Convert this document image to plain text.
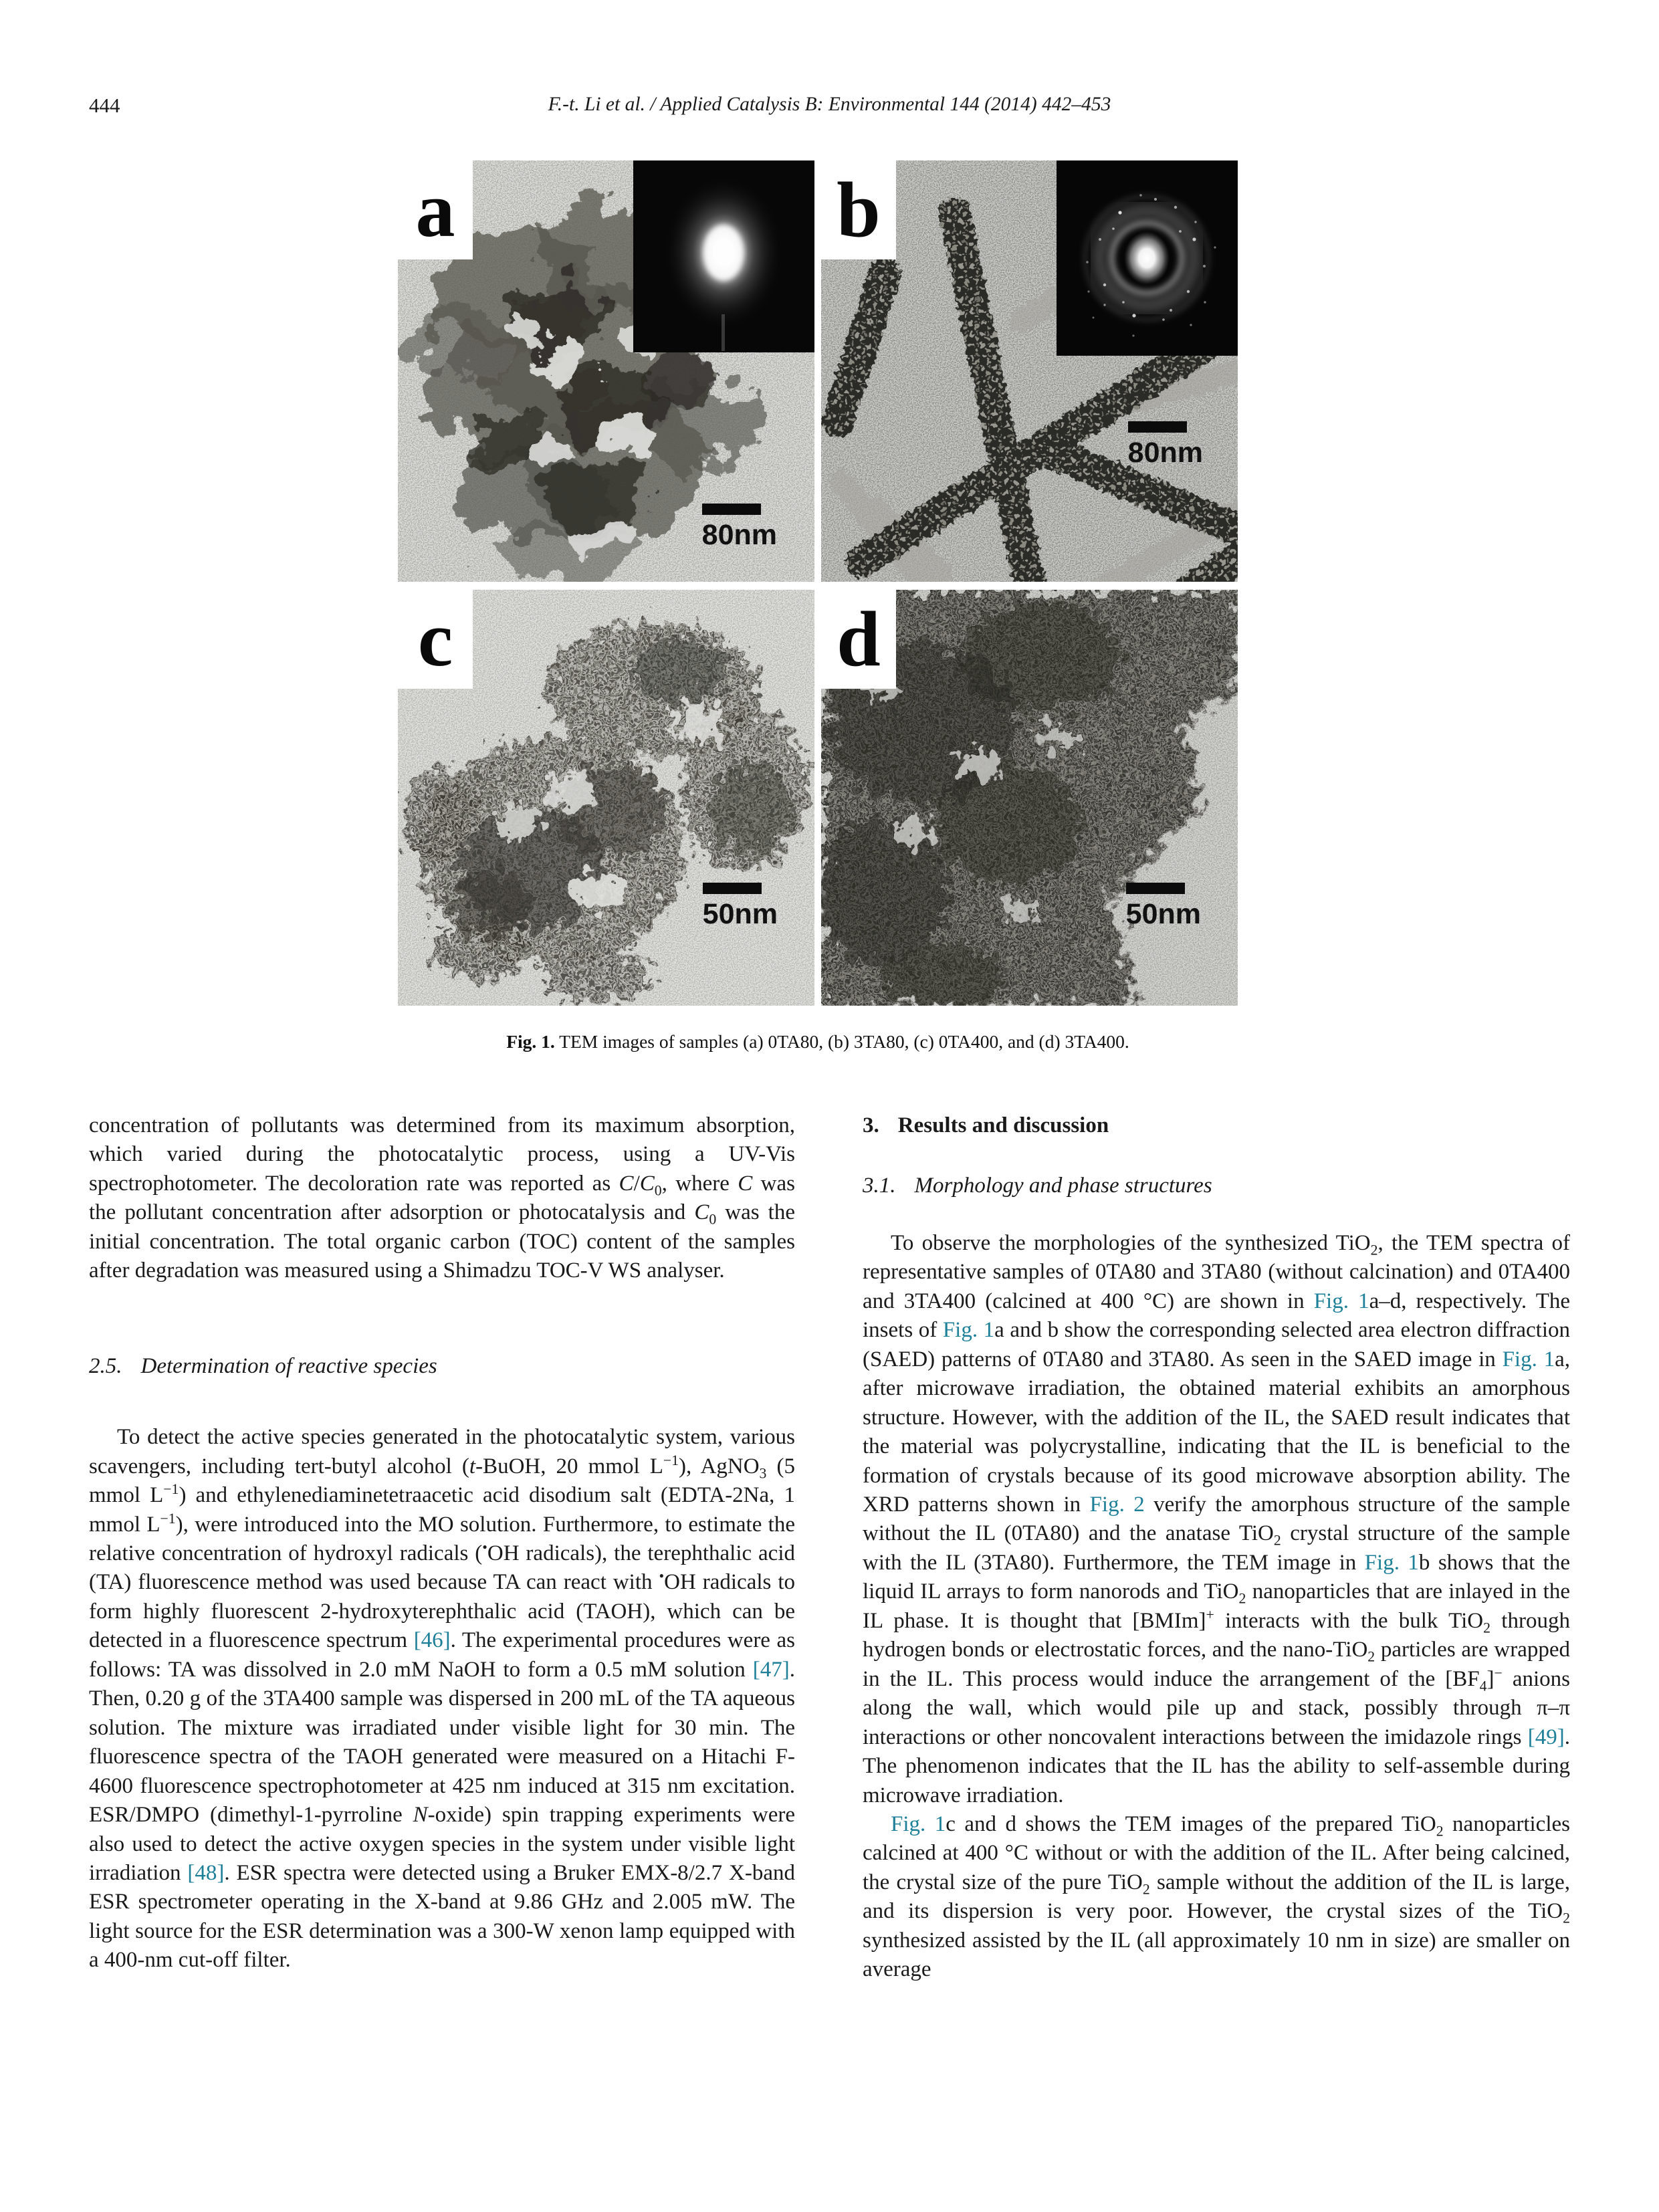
444	F.-t. Li et al. / Applied Catalysis B: Environmental 144 (2014) 442–453
a
80nm
b
80nm
c
50nm
d
50nm
Fig. 1. TEM images of samples (a) 0TA80, (b) 3TA80, (c) 0TA400, and (d) 3TA400.

concentration of pollutants was determined from its maximum absorption, which varied during the photocatalytic process, using a UV-Vis spectrophotometer. The decoloration rate was reported as $C/C_0$, where C was the pollutant concentration after adsorption or photocatalysis and $C_0$ was the initial concentration. The total organic carbon (TOC) content of the samples after degradation was measured using a Shimadzu TOC-V WS analyser.

2.5. Determination of reactive species

To detect the active species generated in the photocatalytic system, various scavengers, including tert-butyl alcohol (t-BuOH, 20 mmol $L^{-1}$), AgNO$_3$ (5 mmol $L^{-1}$) and ethylenediaminetetraacetic acid disodium salt (EDTA-2Na, 1 mmol $L^{-1}$), were introduced into the MO solution. Furthermore, to estimate the relative concentration of hydroxyl radicals (•OH radicals), the terephthalic acid (TA) fluorescence method was used because TA can react with •OH radicals to form highly fluorescent 2-hydroxyterephthalic acid (TAOH), which can be detected in a fluorescence spectrum [46]. The experimental procedures were as follows: TA was dissolved in 2.0 mM NaOH to form a 0.5 mM solution [47]. Then, 0.20 g of the 3TA400 sample was dispersed in 200 mL of the TA aqueous solution. The mixture was irradiated under visible light for 30 min. The fluorescence spectra of the TAOH generated were measured on a Hitachi F-4600 fluorescence spectrophotometer at 425 nm induced at 315 nm excitation. ESR/DMPO (dimethyl-1-pyrroline N-oxide) spin trapping experiments were also used to detect the active oxygen species in the system under visible light irradiation [48]. ESR spectra were detected using a Bruker EMX-8/2.7 X-band ESR spectrometer operating in the X-band at 9.86 GHz and 2.005 mW. The light source for the ESR determination was a 300-W xenon lamp equipped with a 400-nm cut-off filter.

3. Results and discussion
3.1. Morphology and phase structures

To observe the morphologies of the synthesized TiO$_2$, the TEM spectra of representative samples of 0TA80 and 3TA80 (without calcination) and 0TA400 and 3TA400 (calcined at 400 °C) are shown in Fig. 1a–d, respectively. The insets of Fig. 1a and b show the corresponding selected area electron diffraction (SAED) patterns of 0TA80 and 3TA80. As seen in the SAED image in Fig. 1a, after microwave irradiation, the obtained material exhibits an amorphous structure. However, with the addition of the IL, the SAED result indicates that the material was polycrystalline, indicating that the IL is beneficial to the formation of crystals because of its good microwave absorption ability. The XRD patterns shown in Fig. 2 verify the amorphous structure of the sample without the IL (0TA80) and the anatase TiO$_2$ crystal structure of the sample with the IL (3TA80). Furthermore, the TEM image in Fig. 1b shows that the liquid IL arrays to form nanorods and TiO$_2$ nanoparticles that are inlayed in the IL phase. It is thought that [BMIm]+ interacts with the bulk TiO$_2$ through hydrogen bonds or electrostatic forces, and the nano-TiO$_2$ particles are wrapped in the IL. This process would induce the arrangement of the $[BF_4]^-$ anions along the wall, which would pile up and stack, possibly through π–π interactions or other noncovalent interactions between the imidazole rings [49]. The phenomenon indicates that the IL has the ability to self-assemble during microwave irradiation.

Fig. 1c and d shows the TEM images of the prepared TiO$_2$ nanoparticles calcined at 400 °C without or with the addition of the IL. After being calcined, the crystal size of the pure TiO$_2$ sample without the addition of the IL is large, and its dispersion is very poor. However, the crystal sizes of the TiO$_2$ synthesized assisted by the IL (all approximately 10 nm in size) are smaller on average
